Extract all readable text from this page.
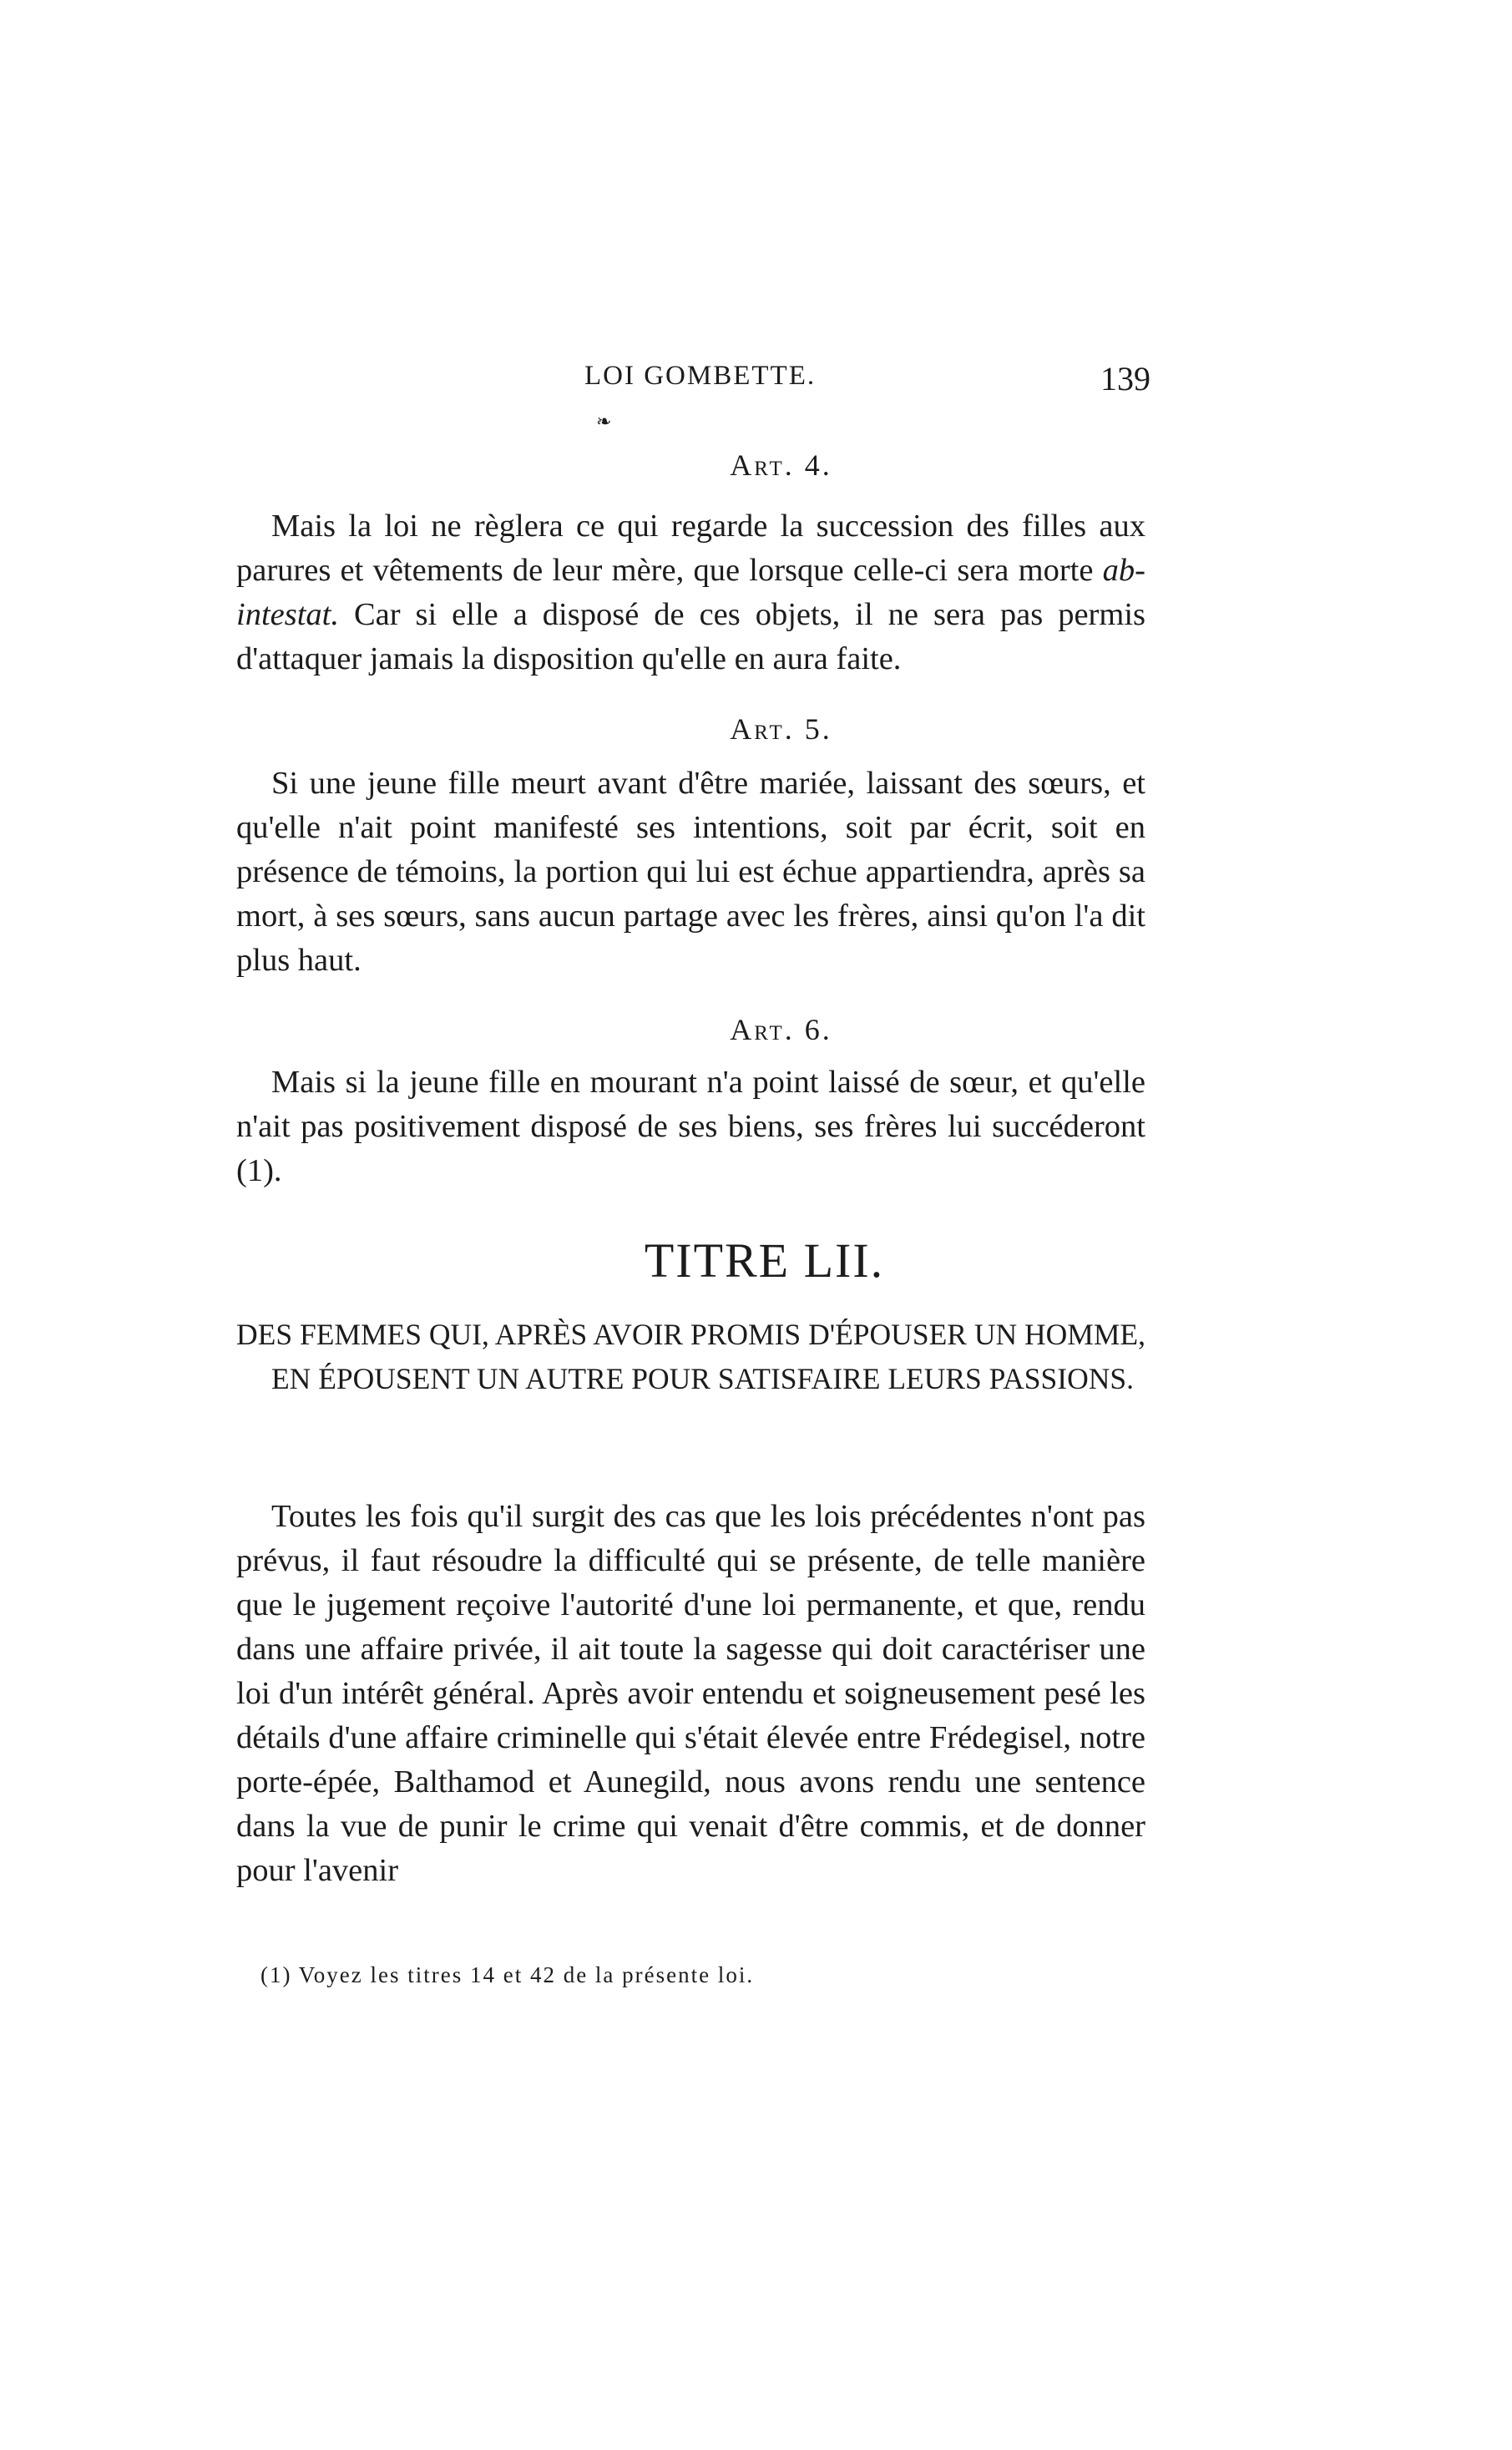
LOI GOMBETTE.	139

❧

Art. 4.

Mais la loi ne règlera ce qui regarde la succession des filles aux parures et vêtements de leur mère, que lorsque celle-ci sera morte ab-intestat. Car si elle a disposé de ces objets, il ne sera pas permis d'attaquer jamais la disposition qu'elle en aura faite.

Art. 5.

Si une jeune fille meurt avant d'être mariée, laissant des sœurs, et qu'elle n'ait point manifesté ses intentions, soit par écrit, soit en présence de témoins, la portion qui lui est échue appartiendra, après sa mort, à ses sœurs, sans aucun partage avec les frères, ainsi qu'on l'a dit plus haut.

Art. 6.

Mais si la jeune fille en mourant n'a point laissé de sœur, et qu'elle n'ait pas positivement disposé de ses biens, ses frères lui succéderont (1).

TITRE LII.

DES FEMMES QUI, APRÈS AVOIR PROMIS D'ÉPOUSER UN HOMME, EN ÉPOUSENT UN AUTRE POUR SATISFAIRE LEURS PASSIONS.

Toutes les fois qu'il surgit des cas que les lois précédentes n'ont pas prévus, il faut résoudre la difficulté qui se présente, de telle manière que le jugement reçoive l'autorité d'une loi permanente, et que, rendu dans une affaire privée, il ait toute la sagesse qui doit caractériser une loi d'un intérêt général. Après avoir entendu et soigneusement pesé les détails d'une affaire criminelle qui s'était élevée entre Frédegisel, notre porte-épée, Balthamod et Aunegild, nous avons rendu une sentence dans la vue de punir le crime qui venait d'être commis, et de donner pour l'avenir

(1) Voyez les titres 14 et 42 de la présente loi.
